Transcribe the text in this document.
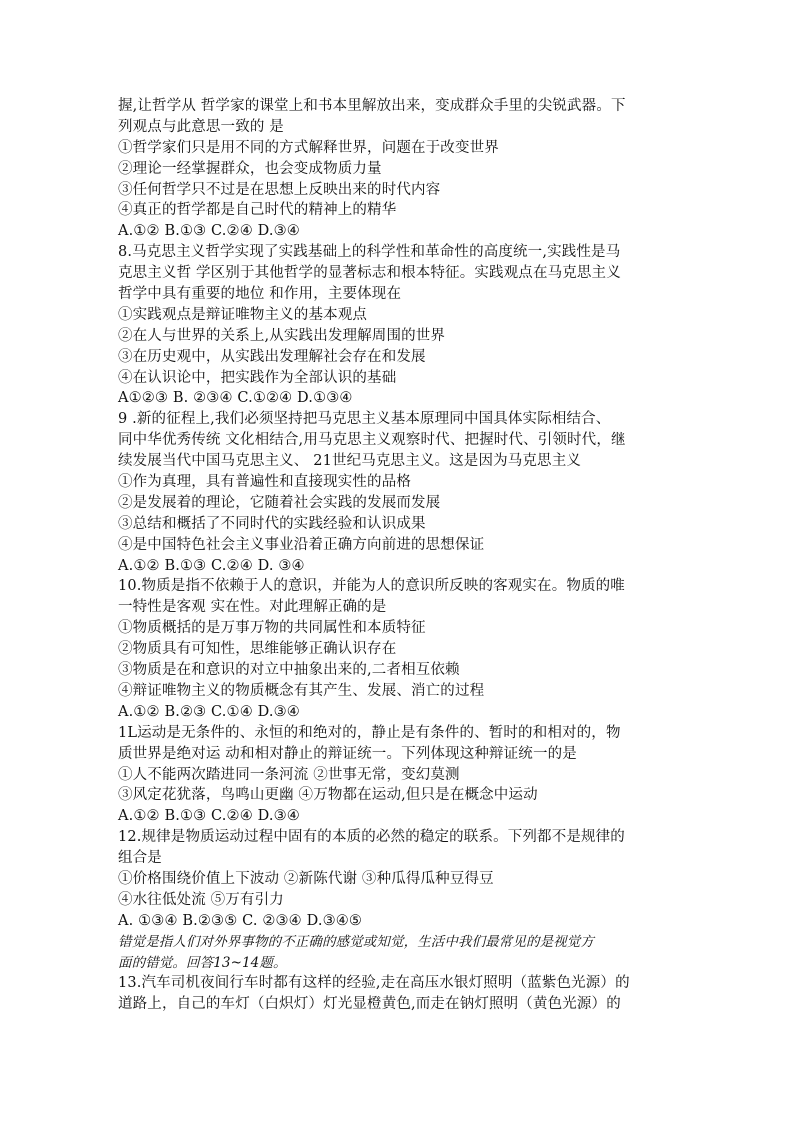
握,让哲学从 哲学家的课堂上和书本里解放出来，变成群众手里的尖锐武器。下
列观点与此意思一致的 是
①哲学家们只是用不同的方式解释世界，问题在于改变世界
②理论一经掌握群众，也会变成物质力量
③任何哲学只不过是在思想上反映出来的时代内容
④真正的哲学都是自己时代的精神上的精华
A.①② B.①③ C.②④ D.③④
8.马克思主义哲学实现了实践基础上的科学性和革命性的高度统一,实践性是马
克思主义哲 学区别于其他哲学的显著标志和根本特征。实践观点在马克思主义
哲学中具有重要的地位 和作用，主要体现在
①实践观点是辩证唯物主义的基本观点
②在人与世界的关系上,从实践出发理解周围的世界
③在历史观中，从实践出发理解社会存在和发展
④在认识论中，把实践作为全部认识的基础
A①②③ B. ②③④ C.①②④ D.①③④
9 .新的征程上,我们必须坚持把马克思主义基本原理同中国具体实际相结合、
同中华优秀传统 文化相结合,用马克思主义观察时代、把握时代、引领时代，继
续发展当代中国马克思主义、 21世纪马克思主义。这是因为马克思主义
①作为真理，具有普遍性和直接现实性的品格
②是发展着的理论，它随着社会实践的发展而发展
③总结和概括了不同时代的实践经验和认识成果
④是中国特色社会主义事业沿着正确方向前进的思想保证
A.①② B.①③ C.②④ D. ③④
10.物质是指不依赖于人的意识，并能为人的意识所反映的客观实在。物质的唯
一特性是客观 实在性。对此理解正确的是
①物质概括的是万事万物的共同属性和本质特征
②物质具有可知性，思维能够正确认识存在
③物质是在和意识的对立中抽象出来的,二者相互依赖
④辩证唯物主义的物质概念有其产生、发展、消亡的过程
A.①② B.②③ C.①④ D.③④
1L运动是无条件的、永恒的和绝对的，静止是有条件的、暂时的和相对的，物
质世界是绝对运 动和相对静止的辩证统一。下列体现这种辩证统一的是
①人不能两次踏进同一条河流 ②世事无常，变幻莫测
③风定花犹落，鸟鸣山更幽 ④万物都在运动,但只是在概念中运动
A.①② B.①③ C.②④ D.③④
12.规律是物质运动过程中固有的本质的必然的稳定的联系。下列都不是规律的
组合是
①价格围绕价值上下波动 ②新陈代谢 ③种瓜得瓜种豆得豆
④水往低处流 ⑤万有引力
A. ①③④ B.②③⑤ C. ②③④ D.③④⑤
错觉是指人们对外界事物的不正确的感觉或知觉，生活中我们最常见的是视觉方
面的错觉。回答13~14题。
13.汽车司机夜间行车时都有这样的经验,走在高压水银灯照明（蓝紫色光源）的
道路上，自己的车灯（白炽灯）灯光显橙黄色,而走在钠灯照明（黄色光源）的
